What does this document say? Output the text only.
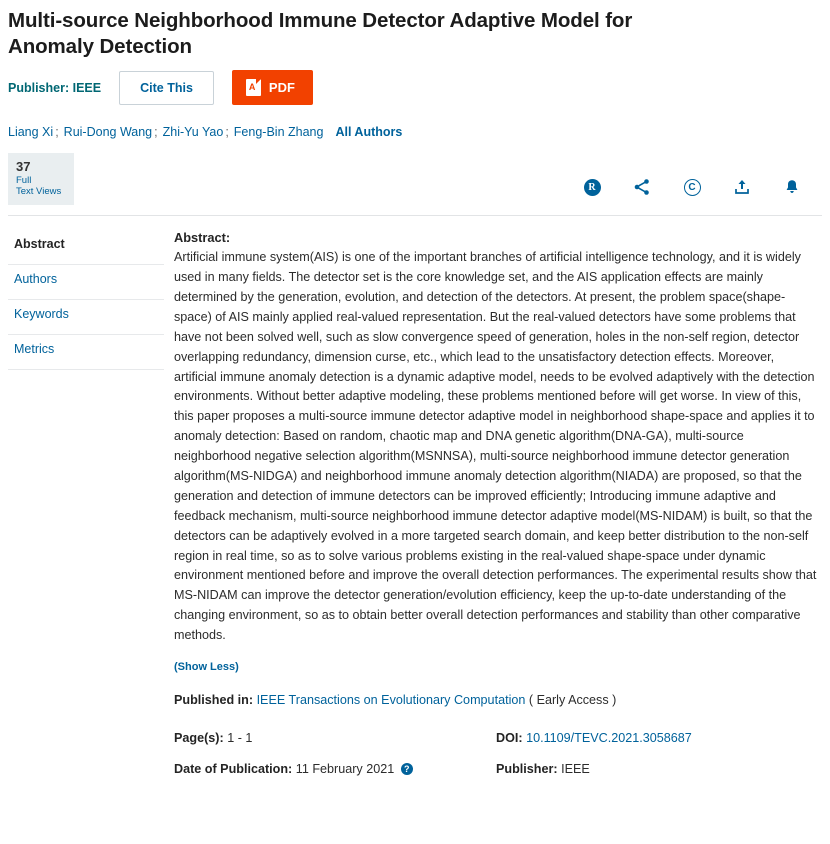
Multi-source Neighborhood Immune Detector Adaptive Model for Anomaly Detection
Publisher: IEEE	Cite This	A PDF
Liang Xi ; Rui-Dong Wang ; Zhi-Yu Yao ; Feng-Bin Zhang All Authors
37
Full
Text Views	R	C
Abstract
Authors
Keywords
Metrics
Abstract:
Artificial immune system(AIS) is one of the important branches of artificial intelligence technology, and it is widely used in many fields. The detector set is the core knowledge set, and the AIS application effects are mainly determined by the generation, evolution, and detection of the detectors. At present, the problem space(shape-space) of AIS mainly applied real-valued representation. But the real-valued detectors have some problems that have not been solved well, such as slow convergence speed of generation, holes in the non-self region, detector overlapping redundancy, dimension curse, etc., which lead to the unsatisfactory detection effects. Moreover, artificial immune anomaly detection is a dynamic adaptive model, needs to be evolved adaptively with the detection environments. Without better adaptive modeling, these problems mentioned before will get worse. In view of this, this paper proposes a multi-source immune detector adaptive model in neighborhood shape-space and applies it to anomaly detection: Based on random, chaotic map and DNA genetic algorithm(DNA-GA), multi-source neighborhood negative selection algorithm(MSNNSA), multi-source neighborhood immune detector generation algorithm(MS-NIDGA) and neighborhood immune anomaly detection algorithm(NIADA) are proposed, so that the generation and detection of immune detectors can be improved efficiently; Introducing immune adaptive and feedback mechanism, multi-source neighborhood immune detector adaptive model(MS-NIDAM) is built, so that the detectors can be adaptively evolved in a more targeted search domain, and keep better distribution to the non-self region in real time, so as to solve various problems existing in the real-valued shape-space under dynamic environment mentioned before and improve the overall detection performances. The experimental results show that MS-NIDAM can improve the detector generation/evolution efficiency, keep the up-to-date understanding of the changing environment, so as to obtain better overall detection performances and stability than other comparative methods.
(Show Less)
Published in: IEEE Transactions on Evolutionary Computation ( Early Access )
Page(s): 1 - 1
Date of Publication: 11 February 2021 ?
DOI: 10.1109/TEVC.2021.3058687
Publisher: IEEE
